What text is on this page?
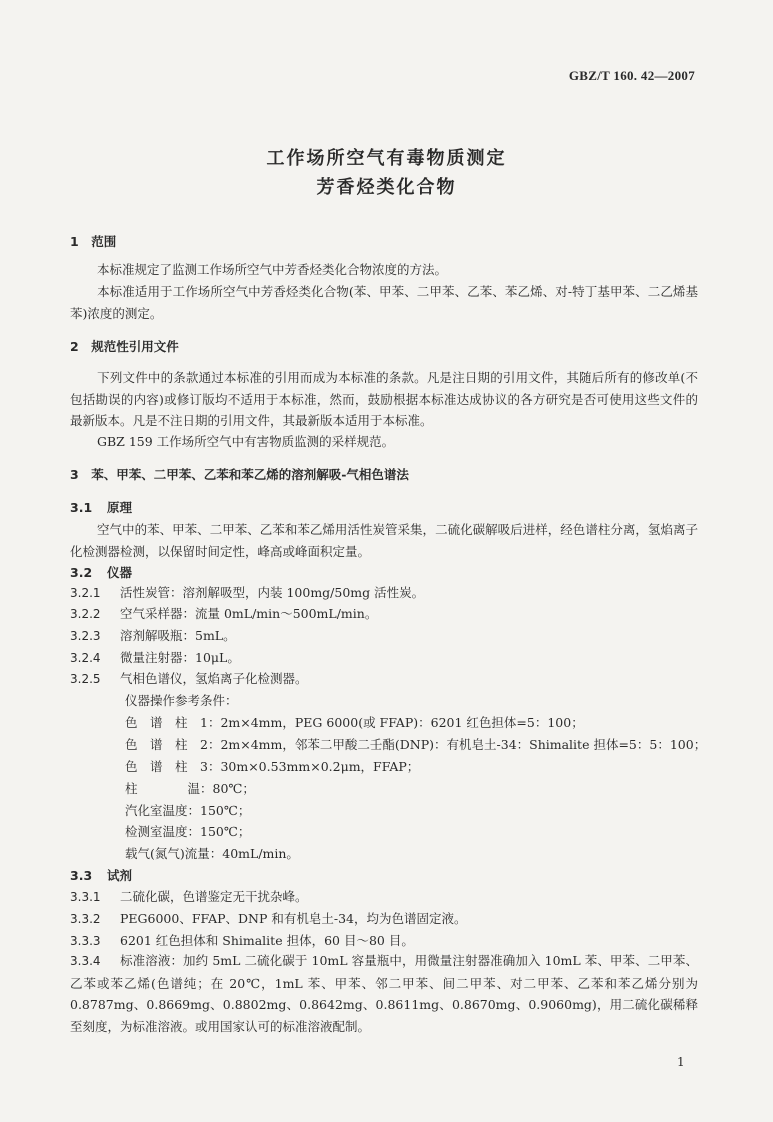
GBZ/T 160. 42—2007
工作场所空气有毒物质测定
芳香烃类化合物
1　范围
本标准规定了监测工作场所空气中芳香烃类化合物浓度的方法。
本标准适用于工作场所空气中芳香烃类化合物(苯、甲苯、二甲苯、乙苯、苯乙烯、对-特丁基甲苯、二乙烯基苯)浓度的测定。
2　规范性引用文件
下列文件中的条款通过本标准的引用而成为本标准的条款。凡是注日期的引用文件，其随后所有的修改单(不包括勘误的内容)或修订版均不适用于本标准，然而，鼓励根据本标准达成协议的各方研究是否可使用这些文件的最新版本。凡是不注日期的引用文件，其最新版本适用于本标准。
GBZ 159 工作场所空气中有害物质监测的采样规范。
3　苯、甲苯、二甲苯、乙苯和苯乙烯的溶剂解吸-气相色谱法
3.1 原理
空气中的苯、甲苯、二甲苯、乙苯和苯乙烯用活性炭管采集，二硫化碳解吸后进样，经色谱柱分离，氢焰离子化检测器检测，以保留时间定性，峰高或峰面积定量。
3.2 仪器
3.2.1 活性炭管：溶剂解吸型，内装 100mg/50mg 活性炭。
3.2.2 空气采样器：流量 0mL/min～500mL/min。
3.2.3 溶剂解吸瓶：5mL。
3.2.4 微量注射器：10μL。
3.2.5 气相色谱仪，氢焰离子化检测器。
仪器操作参考条件：
色　谱　柱　1：2m×4mm，PEG 6000(或 FFAP)：6201 红色担体=5：100；
色　谱　柱　2：2m×4mm，邻苯二甲酸二壬酯(DNP)：有机皂土-34：Shimalite 担体=5：5：100；
色　谱　柱　3：30m×0.53mm×0.2μm，FFAP；
柱　　　　温：80℃；
汽化室温度：150℃；
检测室温度：150℃；
载气(氮气)流量：40mL/min。
3.3 试剂
3.3.1 二硫化碳，色谱鉴定无干扰杂峰。
3.3.2 PEG6000、FFAP、DNP 和有机皂土-34，均为色谱固定液。
3.3.3 6201 红色担体和 Shimalite 担体，60 目～80 目。
3.3.4 标准溶液：加约 5mL 二硫化碳于 10mL 容量瓶中，用微量注射器准确加入 10mL 苯、甲苯、二甲苯、乙苯或苯乙烯(色谱纯；在 20℃，1mL 苯、甲苯、邻二甲苯、间二甲苯、对二甲苯、乙苯和苯乙烯分别为0.8787mg、0.8669mg、0.8802mg、0.8642mg、0.8611mg、0.8670mg、0.9060mg)，用二硫化碳稀释至刻度，为标准溶液。或用国家认可的标准溶液配制。
1
